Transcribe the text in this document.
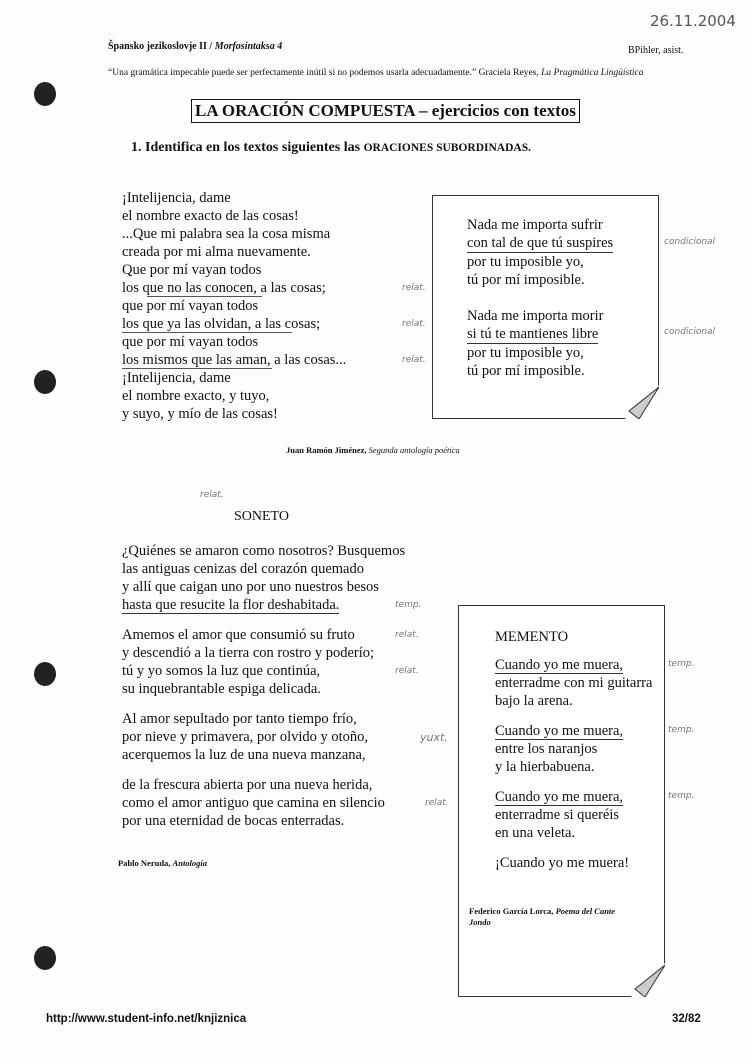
26.11.2004
Špansko jezikoslovje II / Morfosintaksa 4	BPihler, asist.
“Una gramática impecable puede ser perfectamente inútil si no podemos usarla adecuadamente.” Graciela Reyes, La Pragmática Lingüística
LA ORACIÓN COMPUESTA – ejercicios con textos
1. Identifica en los textos siguientes las ORACIONES SUBORDINADAS.
¡Intelijencia, dame
el nombre exacto de las cosas!
...Que mi palabra sea la cosa misma
creada por mi alma nuevamente.
Que por mí vayan todos
los que no las conocen, a las cosas;
que por mí vayan todos
los que ya las olvidan, a las cosas;
que por mí vayan todos
los mismos que las aman, a las cosas...
¡Intelijencia, dame
el nombre exacto, y tuyo,
y suyo, y mío de las cosas!
relat.
relat.
relat.
Nada me importa sufrir
con tal de que tú suspires
por tu imposible yo,
tú por mí imposible.
Nada me importa morir
si tú te mantienes libre
por tu imposible yo,
tú por mí imposible.
condicional
condicional
Juan Ramón Jiménez, Segunda antología poética
SONETO
relat.
¿Quiénes se amaron como nosotros? Busquemos
las antiguas cenizas del corazón quemado
y allí que caigan uno por uno nuestros besos
hasta que resucite la flor deshabitada.
Amemos el amor que consumió su fruto
y descendió a la tierra con rostro y poderío;
tú y yo somos la luz que continúa,
su inquebrantable espiga delicada.
Al amor sepultado por tanto tiempo frío,
por nieve y primavera, por olvido y otoño,
acerquemos la luz de una nueva manzana,
de la frescura abierta por una nueva herida,
como el amor antiguo que camina en silencio
por una eternidad de bocas enterradas.
temp.
relat.
relat.
yuxt.
relat.
Pablo Neruda, Antología
MEMENTO
Cuando yo me muera,
enterradme con mi guitarra
bajo la arena.
Cuando yo me muera,
entre los naranjos
y la hierbabuena.
Cuando yo me muera,
enterradme si queréis
en una veleta.
¡Cuando yo me muera!
Federico García Lorca, Poema del Cante Jondo
temp.
temp.
temp.
http://www.student-info.net/knjiznica	32/82
